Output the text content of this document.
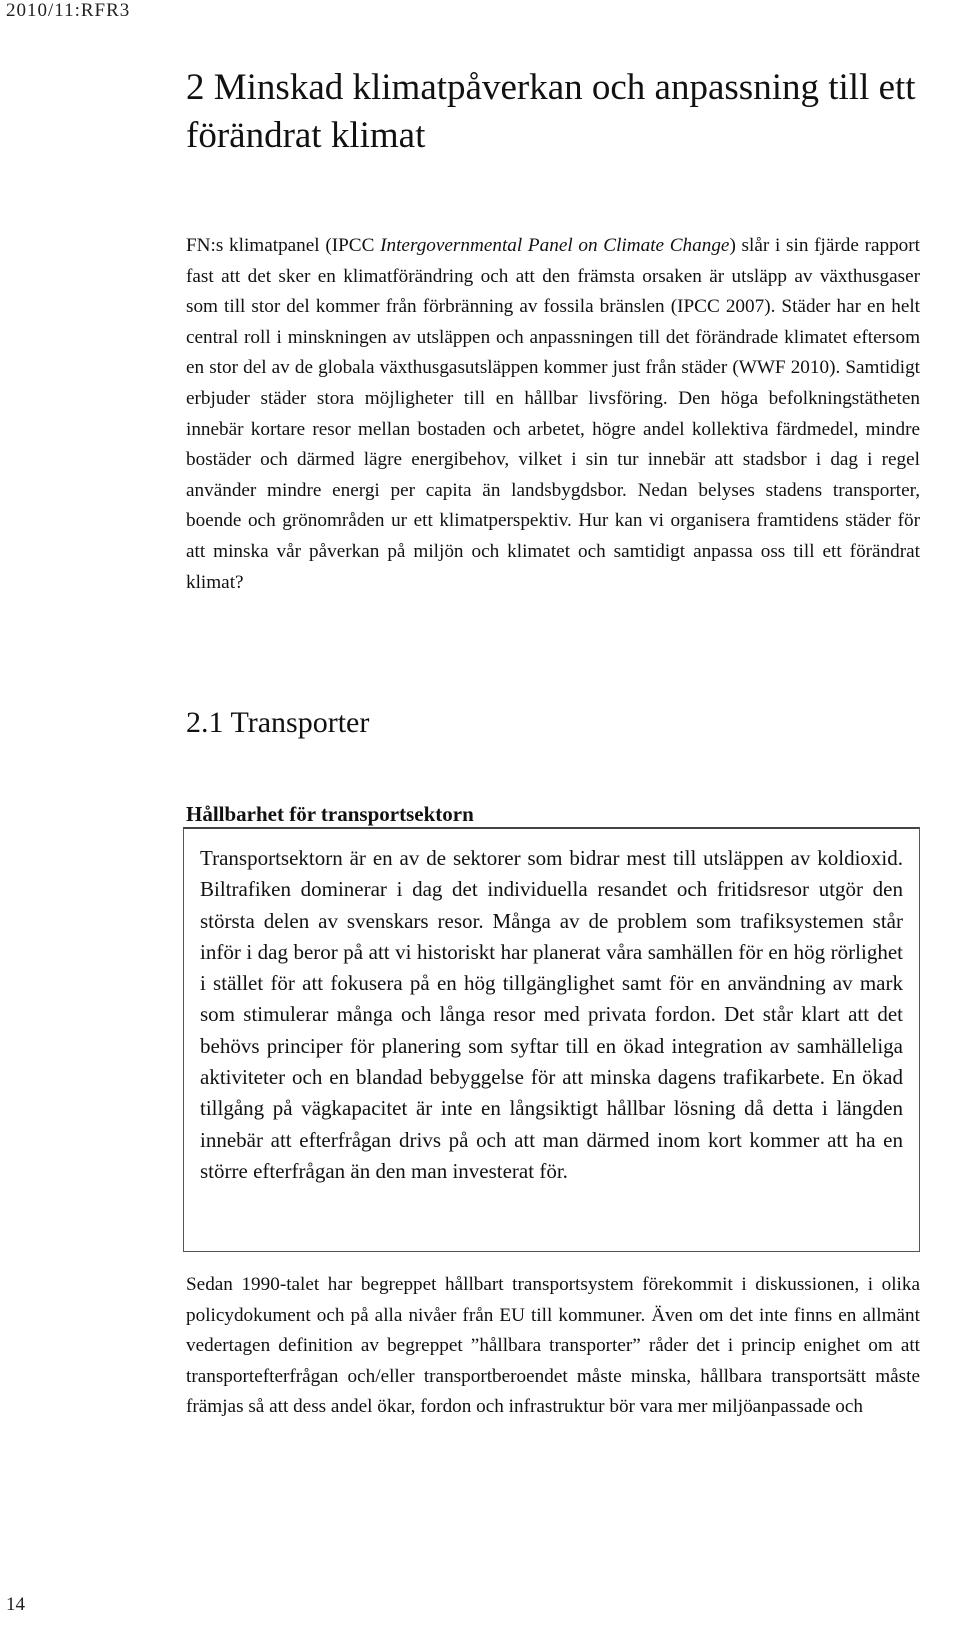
2010/11:RFR3
2 Minskad klimatpåverkan och anpassning till ett förändrat klimat

FN:s klimatpanel (IPCC Intergovernmental Panel on Climate Change) slår i sin fjärde rapport fast att det sker en klimatförändring och att den främsta orsaken är utsläpp av växthusgaser som till stor del kommer från förbränning av fossila bränslen (IPCC 2007). Städer har en helt central roll i minskningen av utsläppen och anpassningen till det förändrade klimatet eftersom en stor del av de globala växthusgasutsläppen kommer just från städer (WWF 2010). Samtidigt erbjuder städer stora möjligheter till en hållbar livsföring. Den höga befolkningstätheten innebär kortare resor mellan bostaden och arbetet, högre andel kollektiva färdmedel, mindre bostäder och därmed lägre energibehov, vilket i sin tur innebär att stadsbor i dag i regel använder mindre energi per capita än landsbygdsbor. Nedan belyses stadens transporter, boende och grönområden ur ett klimatperspektiv. Hur kan vi organisera framtidens städer för att minska vår påverkan på miljön och klimatet och samtidigt anpassa oss till ett förändrat klimat?

2.1 Transporter
Hållbarhet för transportsektorn

Transportsektorn är en av de sektorer som bidrar mest till utsläppen av koldioxid. Biltrafiken dominerar i dag det individuella resandet och fritidsresor utgör den största delen av svenskars resor. Många av de problem som trafiksystemen står inför i dag beror på att vi historiskt har planerat våra samhällen för en hög rörlighet i stället för att fokusera på en hög tillgänglighet samt för en användning av mark som stimulerar många och långa resor med privata fordon. Det står klart att det behövs principer för planering som syftar till en ökad integration av samhälleliga aktiviteter och en blandad bebyggelse för att minska dagens trafikarbete. En ökad tillgång på vägkapacitet är inte en långsiktigt hållbar lösning då detta i längden innebär att efterfrågan drivs på och att man därmed inom kort kommer att ha en större efterfrågan än den man investerat för.

Sedan 1990-talet har begreppet hållbart transportsystem förekommit i diskussionen, i olika policydokument och på alla nivåer från EU till kommuner. Även om det inte finns en allmänt vedertagen definition av begreppet ”hållbara transporter” råder det i princip enighet om att transportefterfrågan och/eller transportberoendet måste minska, hållbara transportsätt måste främjas så att dess andel ökar, fordon och infrastruktur bör vara mer miljöanpassade och

14
